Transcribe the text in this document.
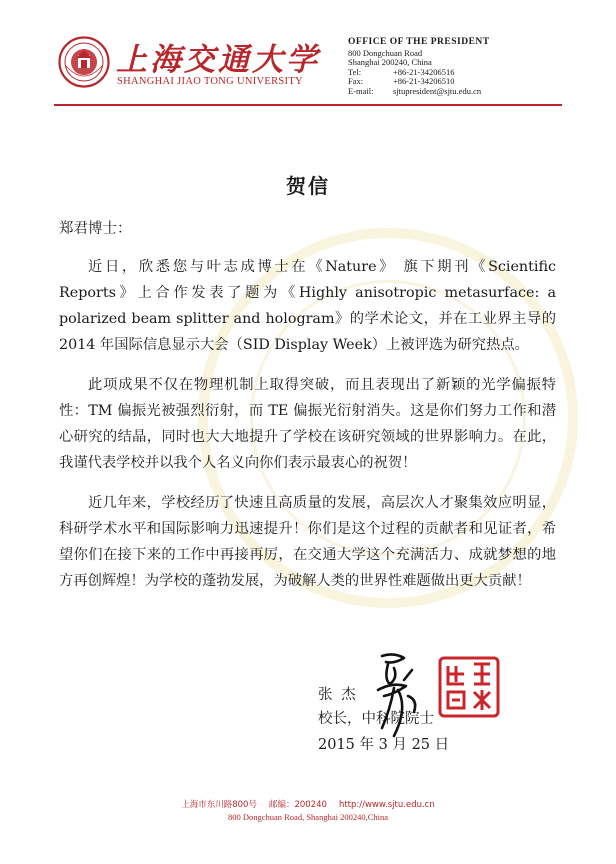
上海交通大学
SHANGHAI JIAO TONG UNIVERSITY
OFFICE OF THE PRESIDENT
800 Dongchuan Road
Shanghai 200240, China
Tel:	+86-21-34206516
Fax:	+86-21-34206510
E-mail: sjtupresident@sjtu.edu.cn
贺信
郑君博士：

近日，欣悉您与叶志成博士在《Nature》 旗下期刊《Scientific Reports》上合作发表了题为《Highly anisotropic metasurface: a polarized beam splitter and hologram》的学术论文，并在工业界主导的 2014 年国际信息显示大会（SID Display Week）上被评选为研究热点。

此项成果不仅在物理机制上取得突破，而且表现出了新颖的光学偏振特性：TM 偏振光被强烈衍射，而 TE 偏振光衍射消失。这是你们努力工作和潜心研究的结晶，同时也大大地提升了学校在该研究领域的世界影响力。在此，我谨代表学校并以我个人名义向你们表示最衷心的祝贺！

近几年来，学校经历了快速且高质量的发展，高层次人才聚集效应明显，科研学术水平和国际影响力迅速提升！你们是这个过程的贡献者和见证者，希望你们在接下来的工作中再接再厉，在交通大学这个充满活力、成就梦想的地方再创辉煌！为学校的蓬勃发展，为破解人类的世界性难题做出更大贡献！

张 杰
校长，中科院院士
2015 年 3 月 25 日
上海市东川路800号 邮编：200240 http://www.sjtu.edu.cn
800 Dongchuan Road, Shanghai 200240,China
